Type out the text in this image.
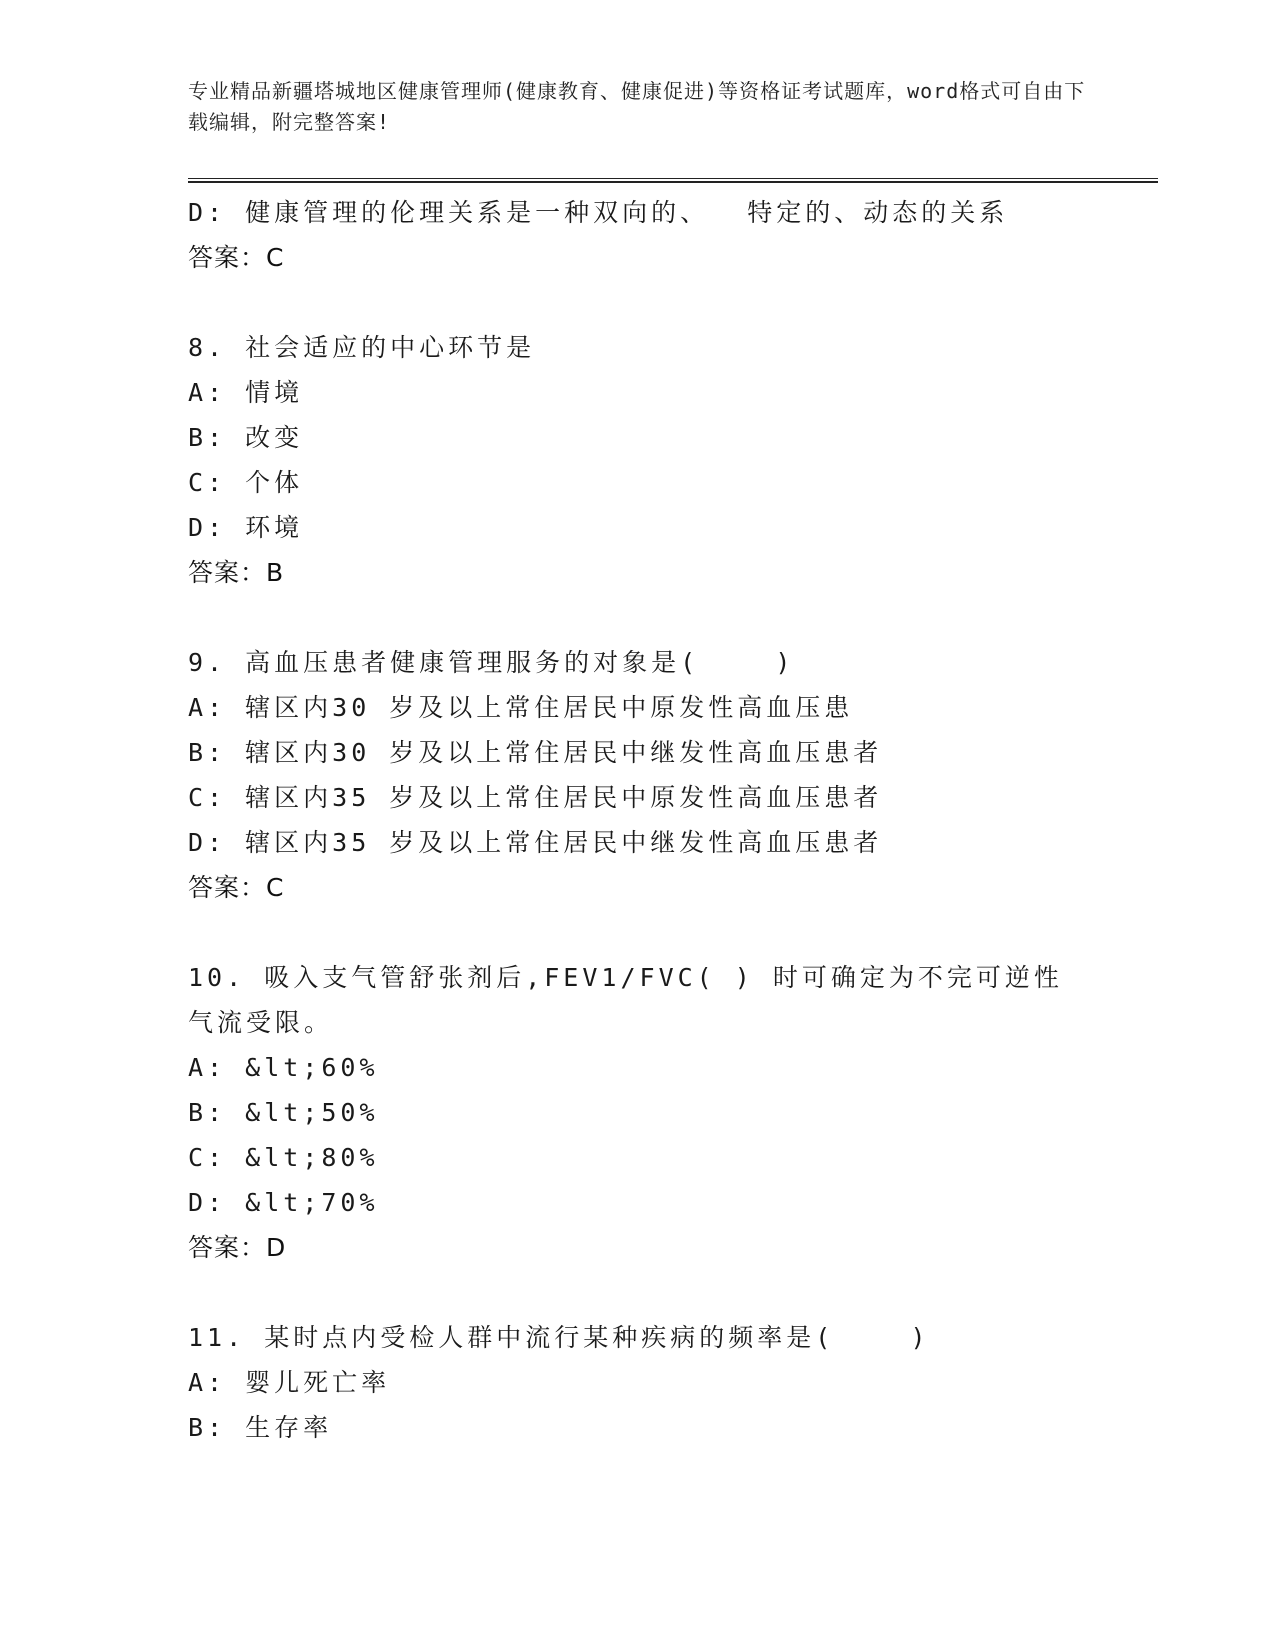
专业精品新疆塔城地区健康管理师(健康教育、健康促进)等资格证考试题库，word格式可自由下载编辑，附完整答案!
D: 健康管理的伦理关系是一种双向的、  特定的、动态的关系
答案：C
8. 社会适应的中心环节是
A: 情境
B: 改变
C: 个体
D: 环境
答案：B
9. 高血压患者健康管理服务的对象是(    )
A: 辖区内30 岁及以上常住居民中原发性高血压患
B: 辖区内30 岁及以上常住居民中继发性高血压患者
C: 辖区内35 岁及以上常住居民中原发性高血压患者
D: 辖区内35 岁及以上常住居民中继发性高血压患者
答案：C
10. 吸入支气管舒张剂后,FEV1/FVC( ) 时可确定为不完可逆性气流受限。
A: &lt;60%
B: &lt;50%
C: &lt;80%
D: &lt;70%
答案：D
11. 某时点内受检人群中流行某种疾病的频率是(    )
A: 婴儿死亡率
B: 生存率
